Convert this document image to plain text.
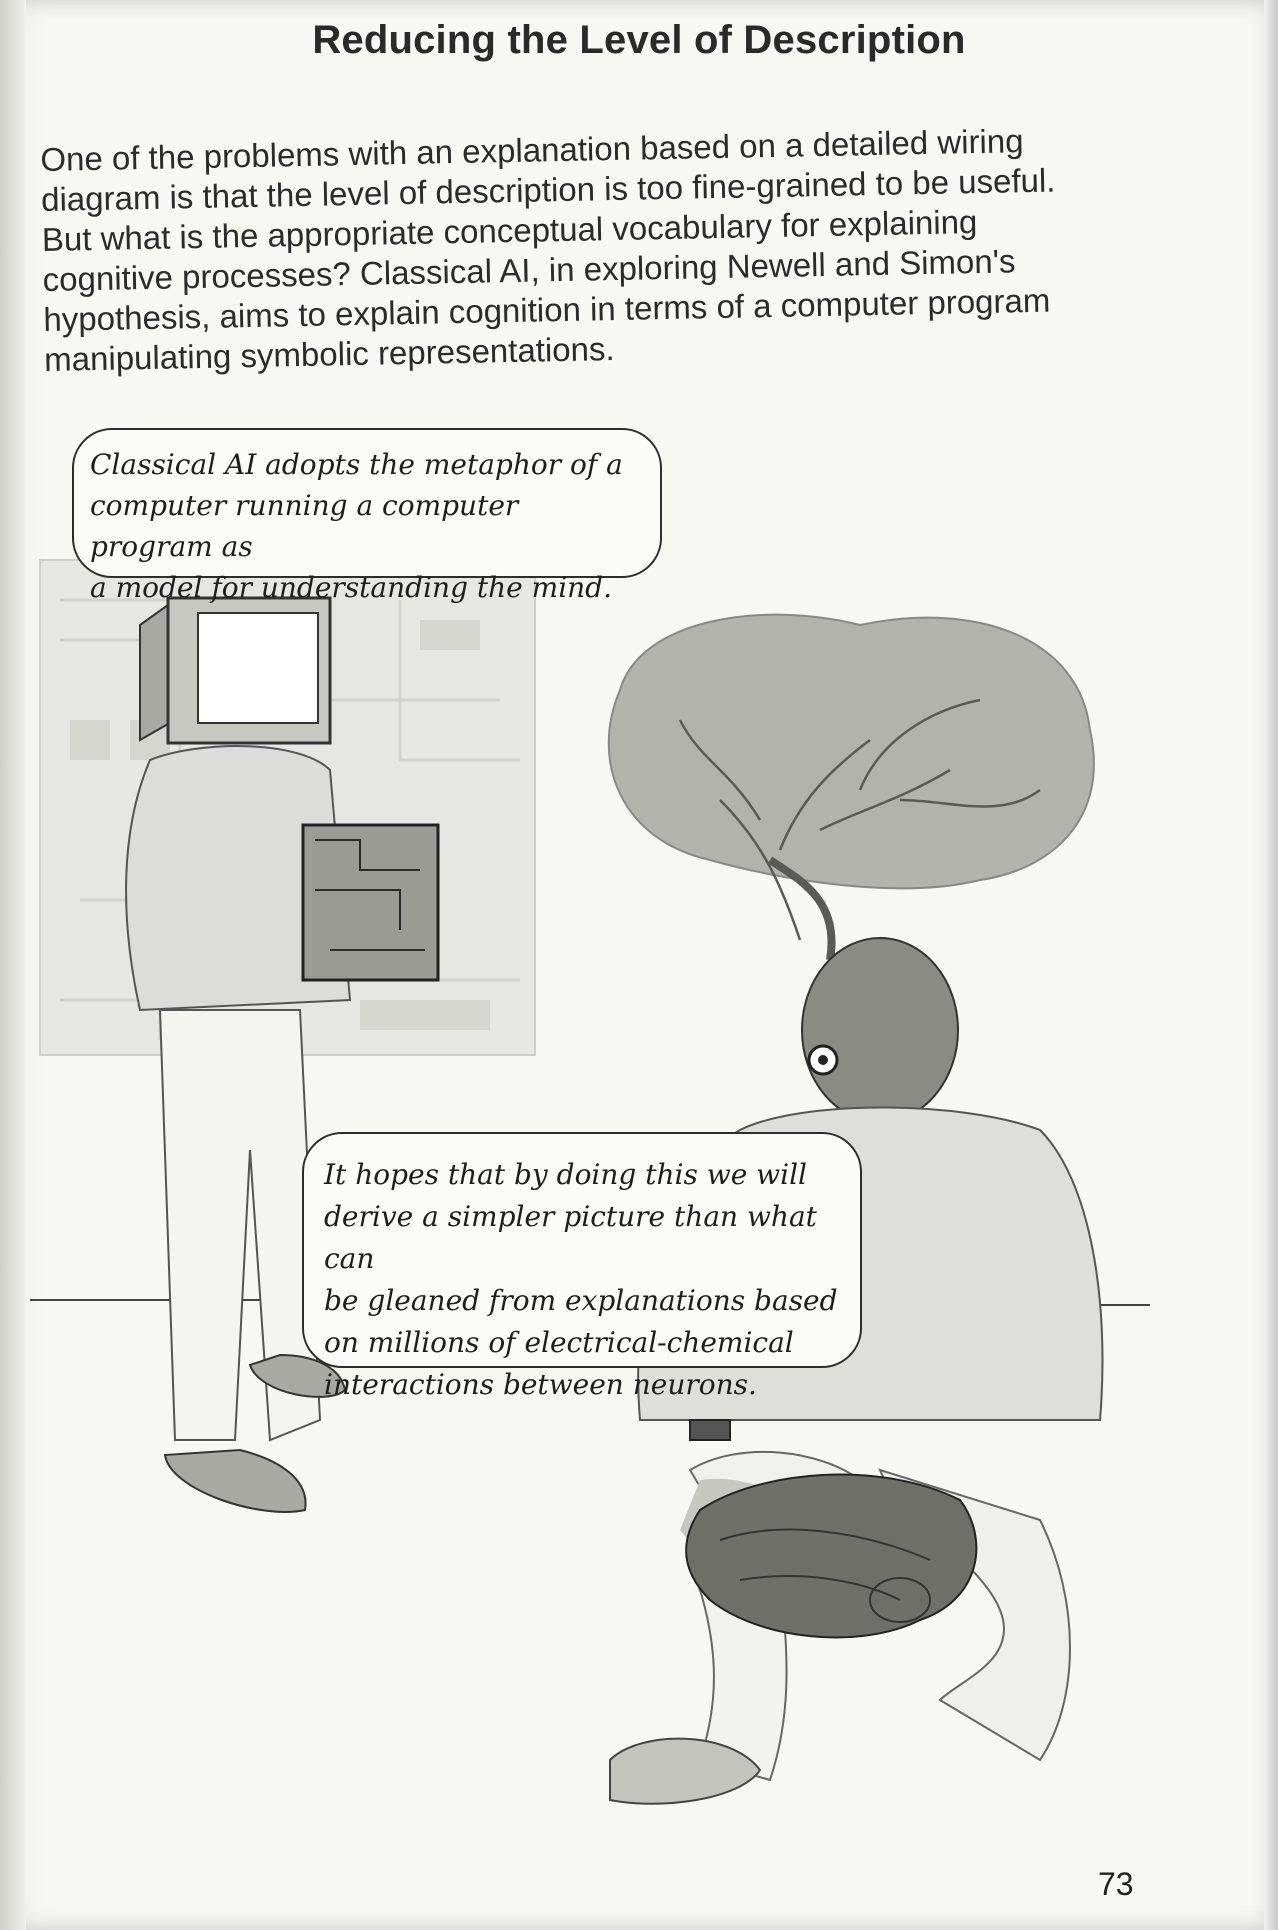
Reducing the Level of Description
One of the problems with an explanation based on a detailed wiring
diagram is that the level of description is too fine-grained to be useful.
But what is the appropriate conceptual vocabulary for explaining
cognitive processes? Classical AI, in exploring Newell and Simon's
hypothesis, aims to explain cognition in terms of a computer program
manipulating symbolic representations.
Classical AI adopts the metaphor of a
computer running a computer program as
a model for understanding the mind.
It hopes that by doing this we will
derive a simpler picture than what can
be gleaned from explanations based
on millions of electrical-chemical
interactions between neurons.
73
